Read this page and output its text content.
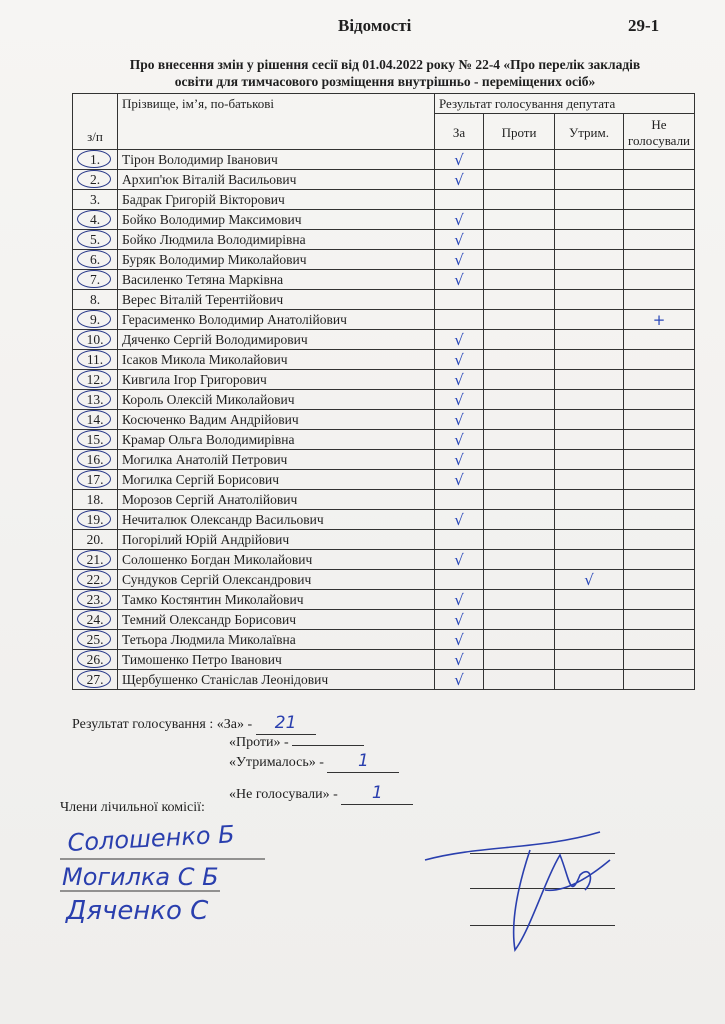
Відомості	29-1
Про внесення змін у рішення сесії від 01.04.2022 року № 22-4 «Про перелік закладів
освіти для тимчасового розміщення внутрішньо - переміщених осіб»
з/п	Прізвище, ім’я, по-батькові	Результат голосування депутата			
		За	Проти	Утрим.	Не
голосували

1.	Тірон Володимир Іванович	√			
2.	Архип'юк Віталій Васильович	√			
3.	Бадрак Григорій Вікторович				
4.	Бойко Володимир Максимович	√			
5.	Бойко Людмила Володимирівна	√			
6.	Буряк Володимир Миколайович	√			
7.	Василенко Тетяна Марківна	√			
8.	Верес Віталій Терентійович				
9.	Герасименко Володимир Анатолійович				+
10.	Дяченко Сергій Володимирович	√			
11.	Ісаков Микола Миколайович	√			
12.	Кивгила Ігор Григорович	√			
13.	Король Олексій Миколайович	√			
14.	Косюченко Вадим Андрійович	√			
15.	Крамар Ольга Володимирівна	√			
16.	Могилка Анатолій Петрович	√			
17.	Могилка Сергій Борисович	√			
18.	Морозов Сергій Анатолійович				
19.	Нечиталюк Олександр Васильович	√			
20.	Погорілий Юрій Андрійович				
21.	Солошенко Богдан Миколайович	√			
22.	Сундуков Сергій Олександрович			√	
23.	Тамко Костянтин Миколайович	√			
24.	Темний Олександр Борисович	√			
25.	Тетьора Людмила Миколаївна	√			
26.	Тимошенко Петро Іванович	√			
27.	Щербушенко Станіслав Леонідович	√			
Результат голосування : «За» - 21
«Проти» -
«Утрималось» - 1
«Не голосували» - 1
Члени лічильної комісії:
Солошенко Б
Могилка С Б
Дяченко С
